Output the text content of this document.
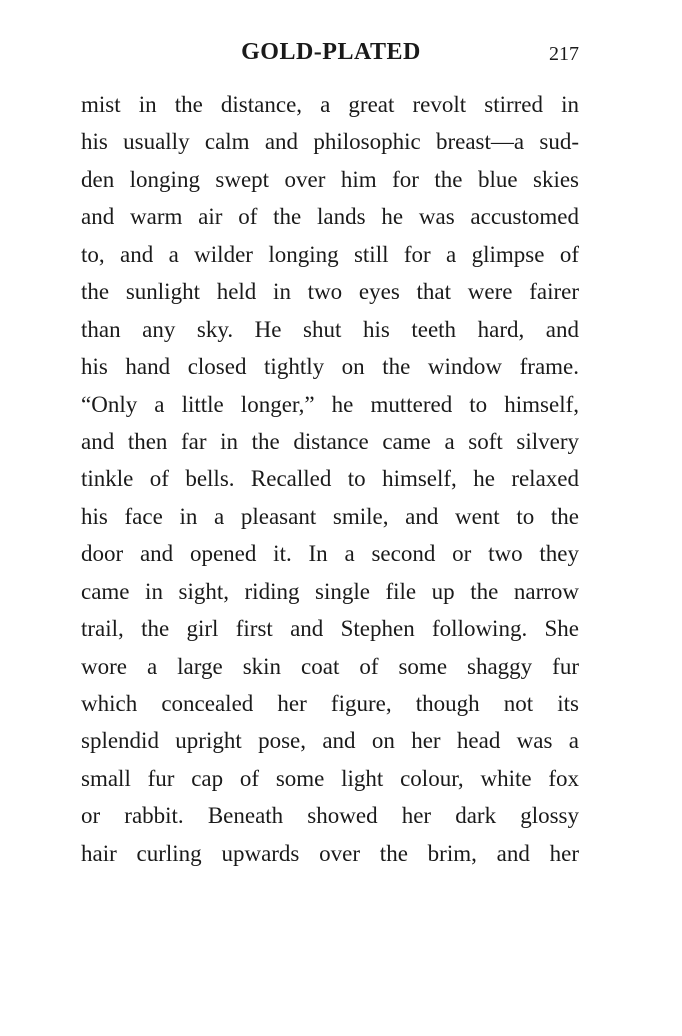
GOLD-PLATED	217
mist in the distance, a great revolt stirred in
his usually calm and philosophic breast—a sud-
den longing swept over him for the blue skies
and warm air of the lands he was accustomed
to, and a wilder longing still for a glimpse of
the sunlight held in two eyes that were fairer
than any sky. He shut his teeth hard, and
his hand closed tightly on the window frame.
“Only a little longer,” he muttered to himself,
and then far in the distance came a soft silvery
tinkle of bells. Recalled to himself, he relaxed
his face in a pleasant smile, and went to the
door and opened it. In a second or two they
came in sight, riding single file up the narrow
trail, the girl first and Stephen following. She
wore a large skin coat of some shaggy fur
which concealed her figure, though not its
splendid upright pose, and on her head was a
small fur cap of some light colour, white fox
or rabbit. Beneath showed her dark glossy
hair curling upwards over the brim, and her
